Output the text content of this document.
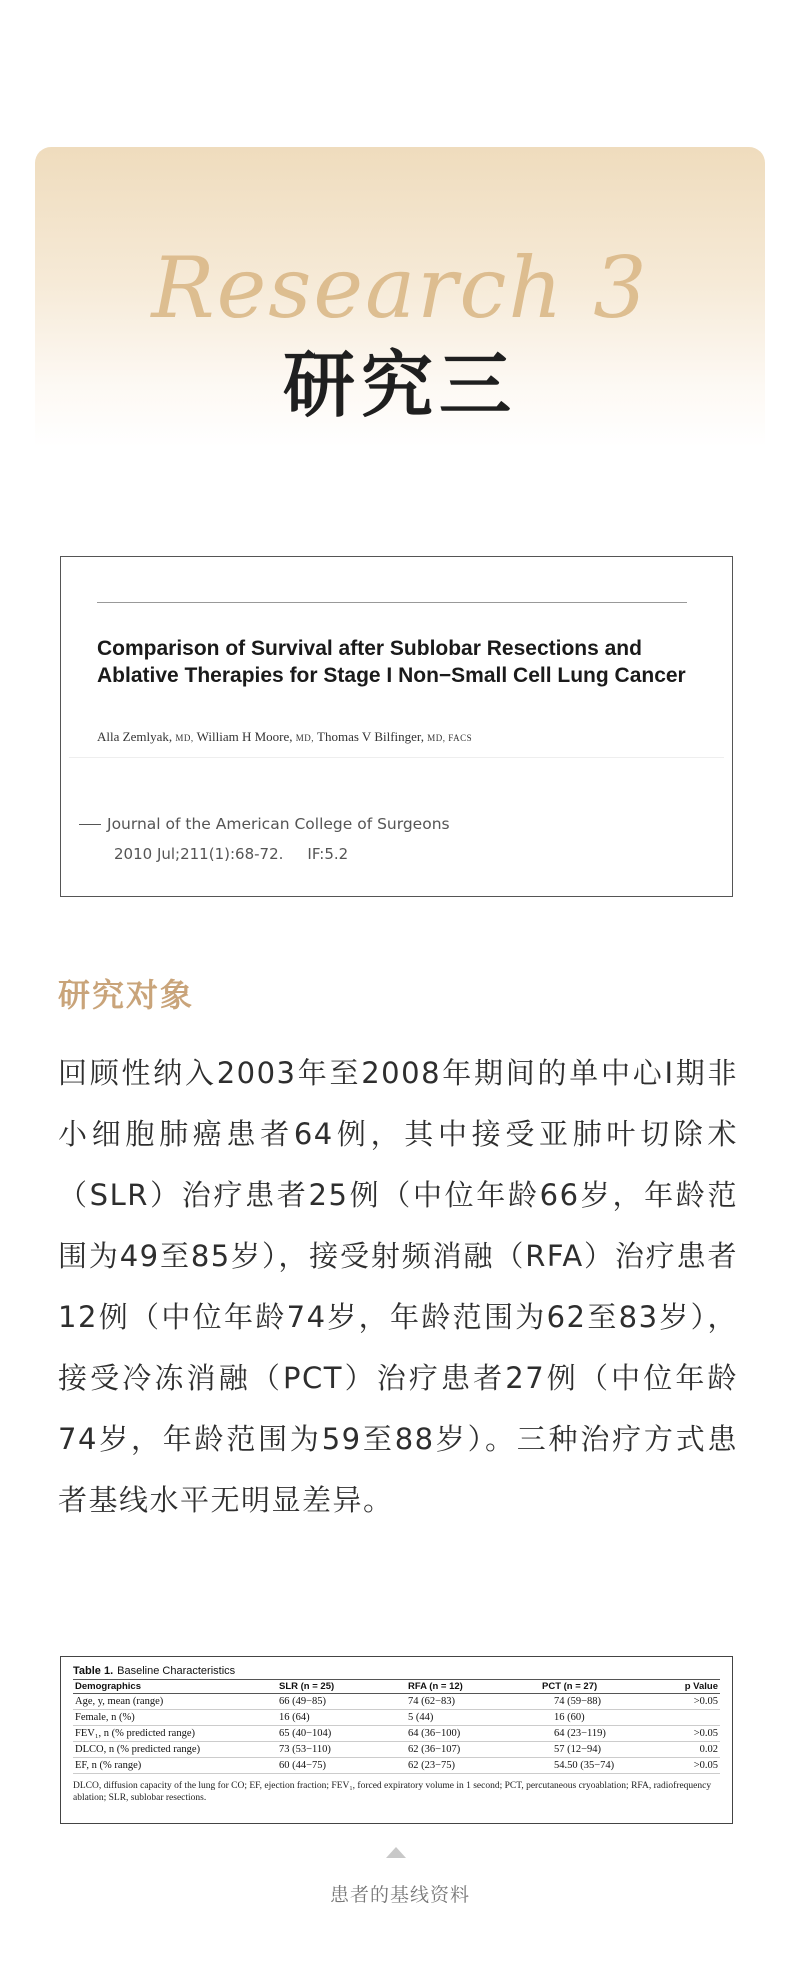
Research 3
研究三
Comparison of Survival after Sublobar Resections and Ablative Therapies for Stage I Non−Small Cell Lung Cancer
Alla Zemlyak, MD, William H Moore, MD, Thomas V Bilfinger, MD, FACS
Journal of the American College of Surgeons
2010 Jul;211(1):68-72. IF:5.2
研究对象
回顾性纳入2003年至2008年期间的单中心I期非小细胞肺癌患者64例，其中接受亚肺叶切除术（SLR）治疗患者25例（中位年龄66岁，年龄范围为49至85岁），接受射频消融（RFA）治疗患者12例（中位年龄74岁，年龄范围为62至83岁），接受冷冻消融（PCT）治疗患者27例（中位年龄74岁，年龄范围为59至88岁）。三种治疗方式患者基线水平无明显差异。
Table 1. Baseline Characteristics
Demographics	SLR (n = 25)	RFA (n = 12)	PCT (n = 27)	p Value
Age, y, mean (range)	66 (49−85)	74 (62−83)	74 (59−88)	>0.05
Female, n (%)	16 (64)	5 (44)	16 (60)	
FEV₁, n (% predicted range)	65 (40−104)	64 (36−100)	64 (23−119)	>0.05
DLCO, n (% predicted range)	73 (53−110)	62 (36−107)	57 (12−94)	0.02
EF, n (% range)	60 (44−75)	62 (23−75)	54.50 (35−74)	>0.05
DLCO, diffusion capacity of the lung for CO; EF, ejection fraction; FEV₁, forced expiratory volume in 1 second; PCT, percutaneous cryoablation; RFA, radiofrequency ablation; SLR, sublobar resections.
患者的基线资料
